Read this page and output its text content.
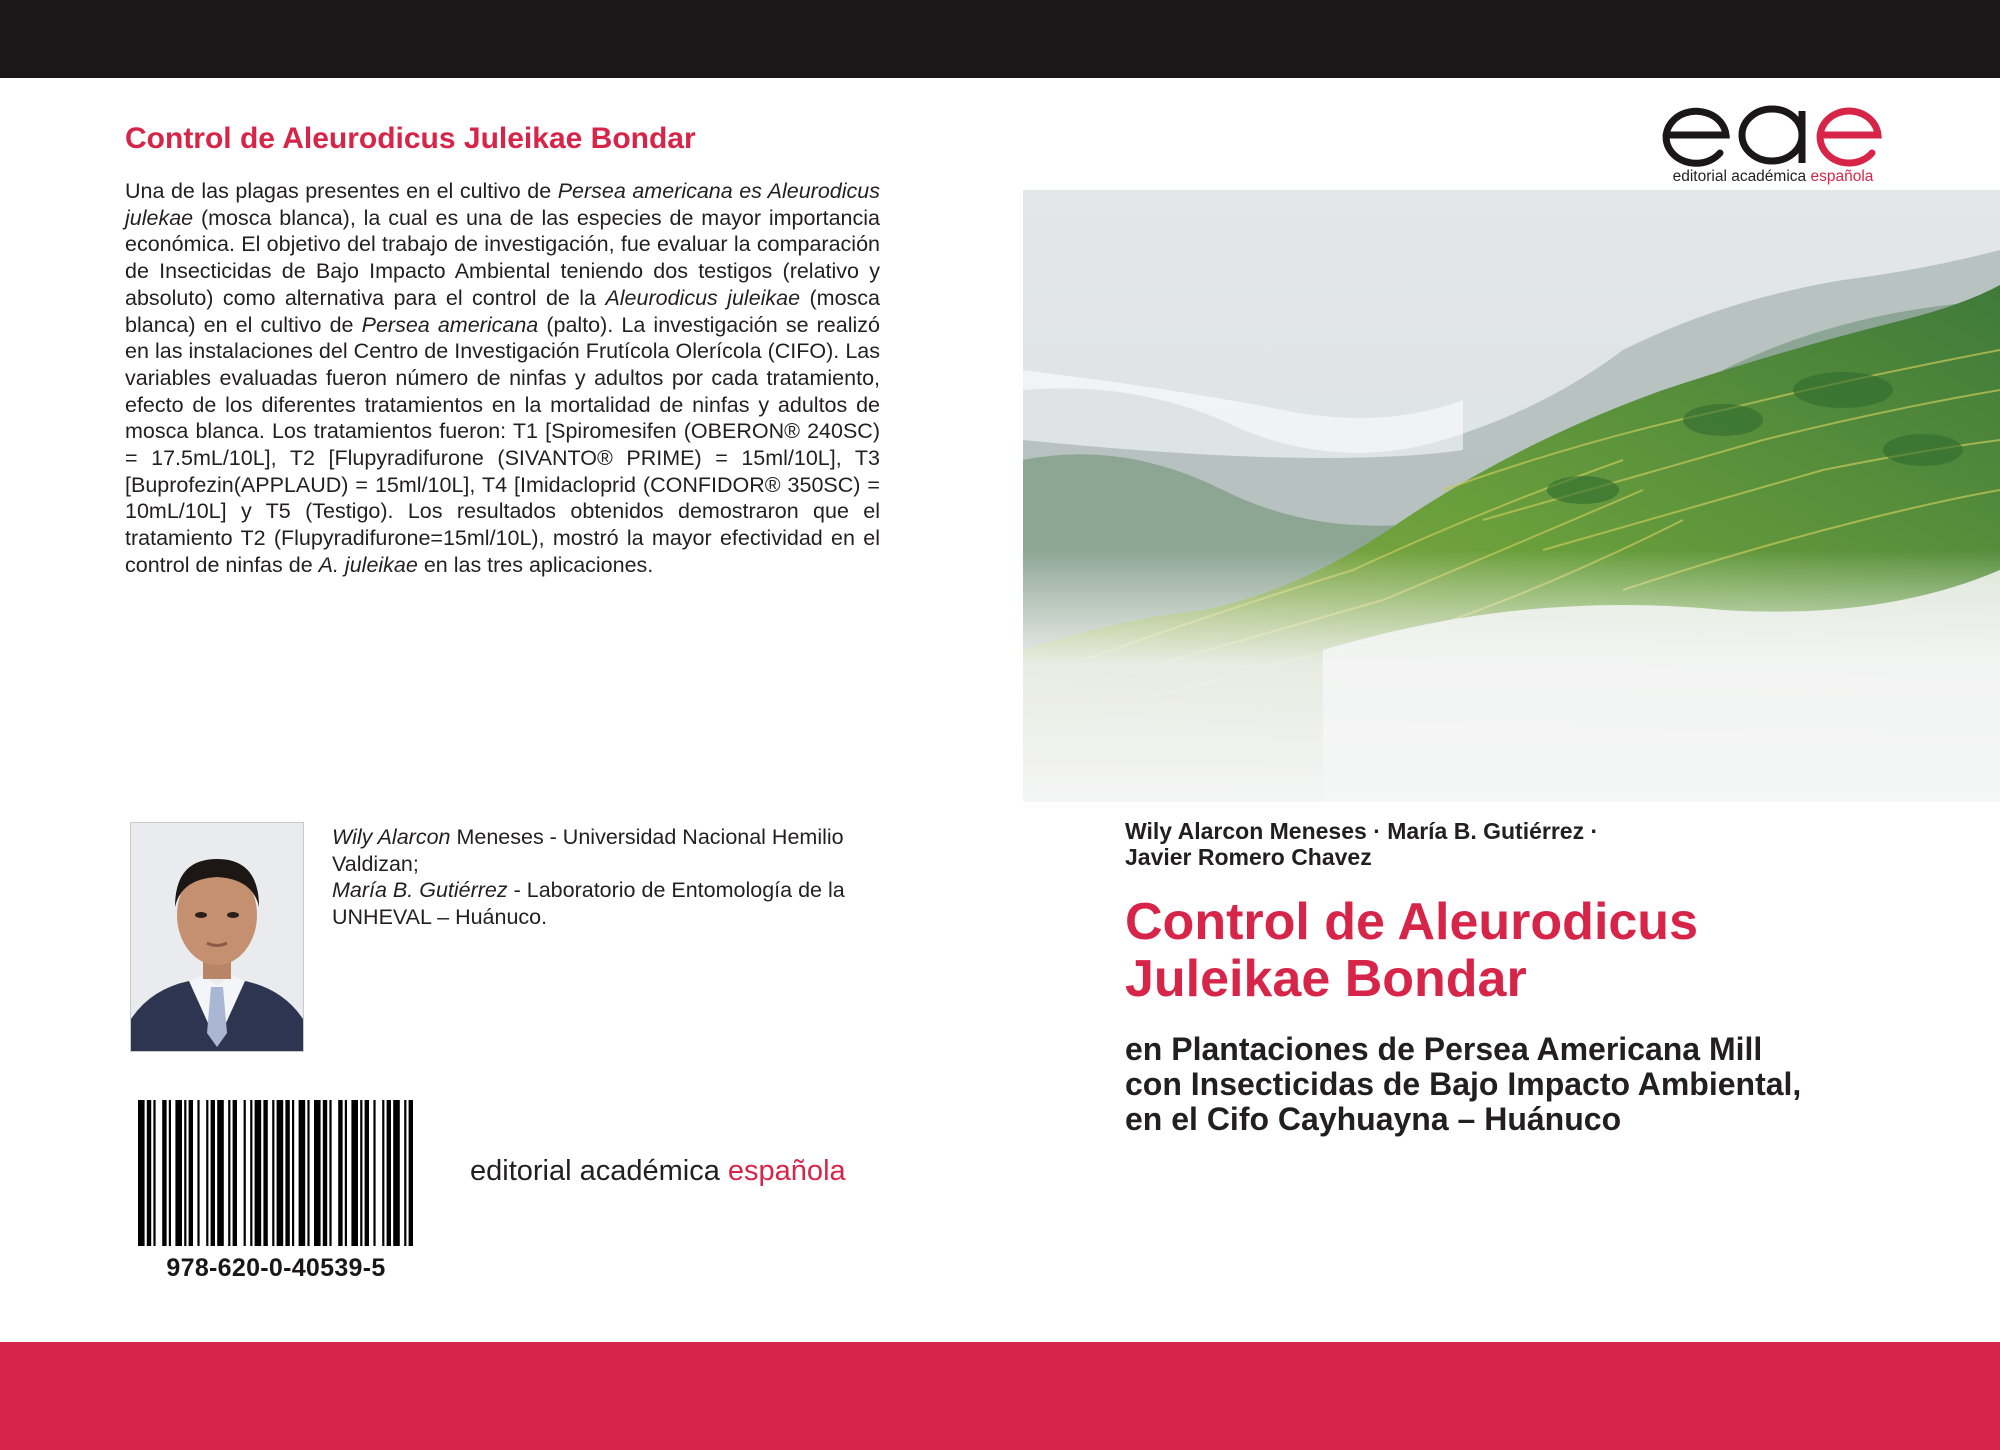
Control de Aleurodicus Juleikae Bondar

Una de las plagas presentes en el cultivo de Persea americana es Aleurodicus julekae (mosca blanca), la cual es una de las especies de mayor importancia económica. El objetivo del trabajo de investigación, fue evaluar la comparación de Insecticidas de Bajo Impacto Ambiental teniendo dos testigos (relativo y absoluto) como alternativa para el control de la Aleurodicus juleikae (mosca blanca) en el cultivo de Persea americana (palto). La investigación se realizó en las instalaciones del Centro de Investigación Frutícola Olerícola (CIFO). Las variables evaluadas fueron número de ninfas y adultos por cada tratamiento, efecto de los diferentes tratamientos en la mortalidad de ninfas y adultos de mosca blanca. Los tratamientos fueron: T1 [Spiromesifen (OBERON® 240SC) = 17.5mL/10L], T2 [Flupyradifurone (SIVANTO® PRIME) = 15ml/10L], T3 [Buprofezin(APPLAUD) = 15ml/10L], T4 [Imidacloprid (CONFIDOR® 350SC) = 10mL/10L] y T5 (Testigo). Los resultados obtenidos demostraron que el tratamiento T2 (Flupyradifurone=15ml/10L), mostró la mayor efectividad en el control de ninfas de A. juleikae en las tres aplicaciones.

Wily Alarcon Meneses - Universidad Nacional Hemilio Valdizan;
María B. Gutiérrez - Laboratorio de Entomología de la UNHEVAL – Huánuco.

978-620-0-40539-5
editorial académica española
editorial académica española

Wily Alarcon Meneses · María B. Gutiérrez ·
Javier Romero Chavez

Control de Aleurodicus
Juleikae Bondar

en Plantaciones de Persea Americana Mill
con Insecticidas de Bajo Impacto Ambiental,
en el Cifo Cayhuayna – Huánuco
